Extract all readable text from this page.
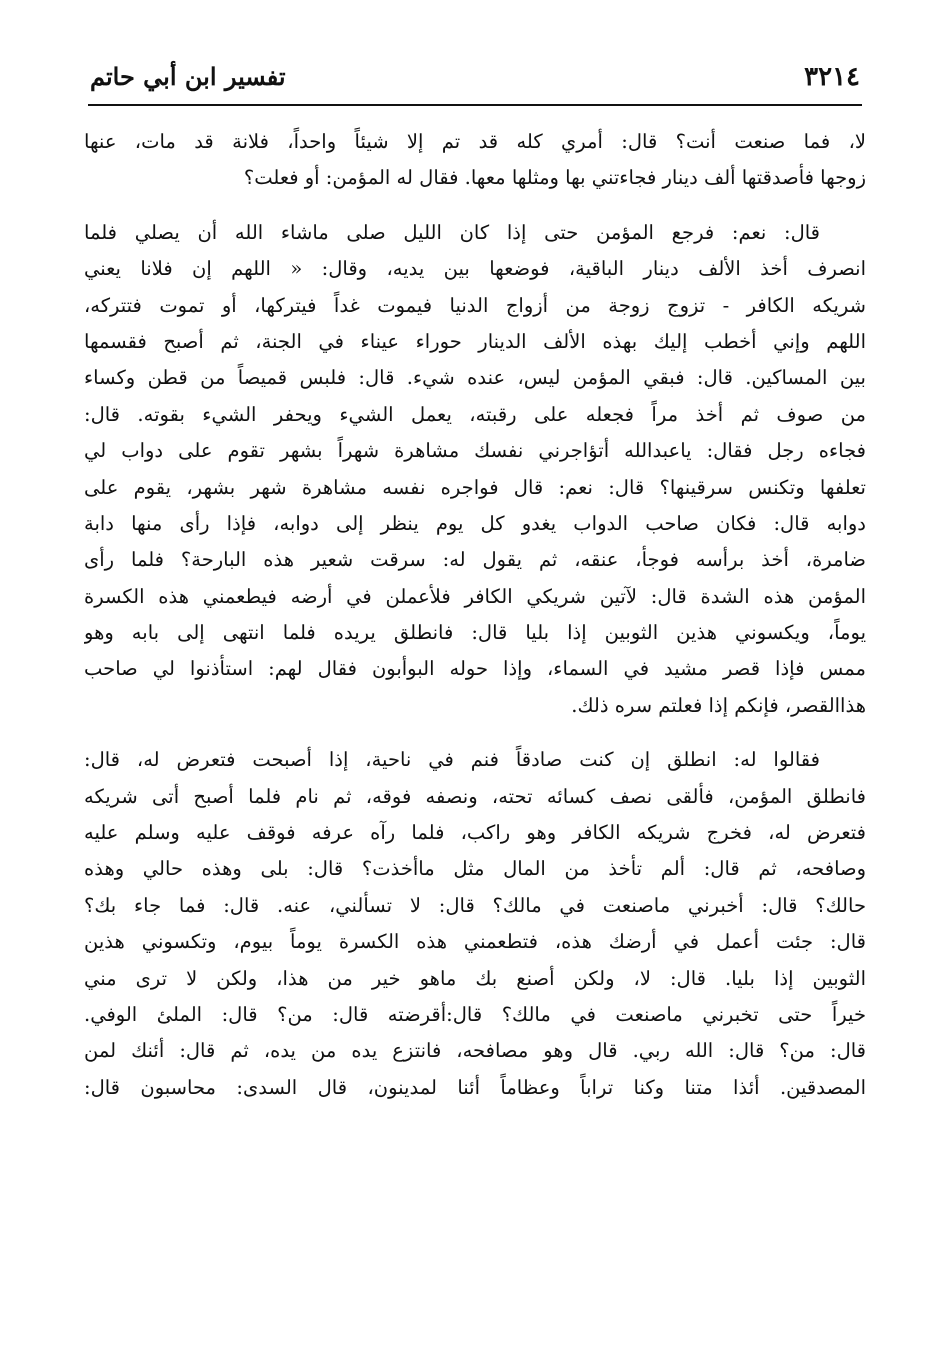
٣٢١٤
تفسير ابن أبي حاتم
لا، فما صنعت أنت؟ قال: أمري كله قد تم إلا شيئاً واحداً، فلانة قد مات، عنها
زوجها فأصدقتها ألف دينار فجاءتني بها ومثلها معها. فقال له المؤمن: أو فعلت؟
قال: نعم: فرجع المؤمن حتى إذا كان الليل صلى ماشاء الله أن يصلي فلما
انصرف أخذ الألف دينار الباقية، فوضعها بين يديه، وقال: « اللهم إن فلانا يعني
شريكه الكافر - تزوج زوجة من أزواج الدنيا فيموت غداً فيتركها، أو تموت فتتركه،
اللهم وإني أخطب إليك بهذه الألف الدينار حوراء عيناء في الجنة، ثم أصبح فقسمها
بين المساكين. قال: فبقي المؤمن ليس، عنده شيء. قال: فلبس قميصاً من قطن وكساء
من صوف ثم أخذ مراً فجعله على رقبته، يعمل الشيء ويحفر الشيء بقوته. قال:
فجاءه رجل فقال: ياعبدالله أتؤاجرني نفسك مشاهرة شهراً بشهر تقوم على دواب لي
تعلفها وتكنس سرقينها؟ قال: نعم: قال فواجره نفسه مشاهرة شهر بشهر، يقوم على
دوابه قال: فكان صاحب الدواب يغدو كل يوم ينظر إلى دوابه، فإذا رأى منها دابة
ضامرة، أخذ برأسه فوجأ، عنقه، ثم يقول له: سرقت شعير هذه البارحة؟ فلما رأى
المؤمن هذه الشدة قال: لآتين شريكي الكافر فلأعملن في أرضه فيطعمني هذه الكسرة
يوماً، ويكسوني هذين الثوبين إذا بليا قال: فانطلق يريده فلما انتهى إلى بابه وهو
ممس فإذا قصر مشيد في السماء، وإذا حوله البوأبون فقال لهم: استأذنوا لي صاحب
هذاالقصر، فإنكم إذا فعلتم سره ذلك.
فقالوا له: انطلق إن كنت صادقاً فنم في ناحية، إذا أصبحت فتعرض له، قال:
فانطلق المؤمن، فألقى نصف كسائه تحته، ونصفه فوقه، ثم نام فلما أصبح أتى شريكه
فتعرض له، فخرج شريكه الكافر وهو راكب، فلما رآه عرفه فوقف عليه وسلم عليه
وصافحه، ثم قال: ألم تأخذ من المال مثل ماأخذت؟ قال: بلى وهذه حالي وهذه
حالك؟ قال: أخبرني ماصنعت في مالك؟ قال: لا تسألني، عنه. قال: فما جاء بك؟
قال: جئت أعمل في أرضك هذه، فتطعمني هذه الكسرة يوماً بيوم، وتكسوني هذين
الثوبين إذا بليا. قال: لا، ولكن أصنع بك ماهو خير من هذا، ولكن لا ترى مني
خيراً حتى تخبرني ماصنعت في مالك؟ قال:أقرضته قال: من؟ قال: الملئ الوفي.
قال: من؟ قال: الله ربي. قال وهو مصافحه، فانتزع يده من يده، ثم قال: أئنك لمن
المصدقين. أئذا متنا وكنا تراباً وعظاماً أئنا لمدينون، قال السدى: محاسبون قال:
